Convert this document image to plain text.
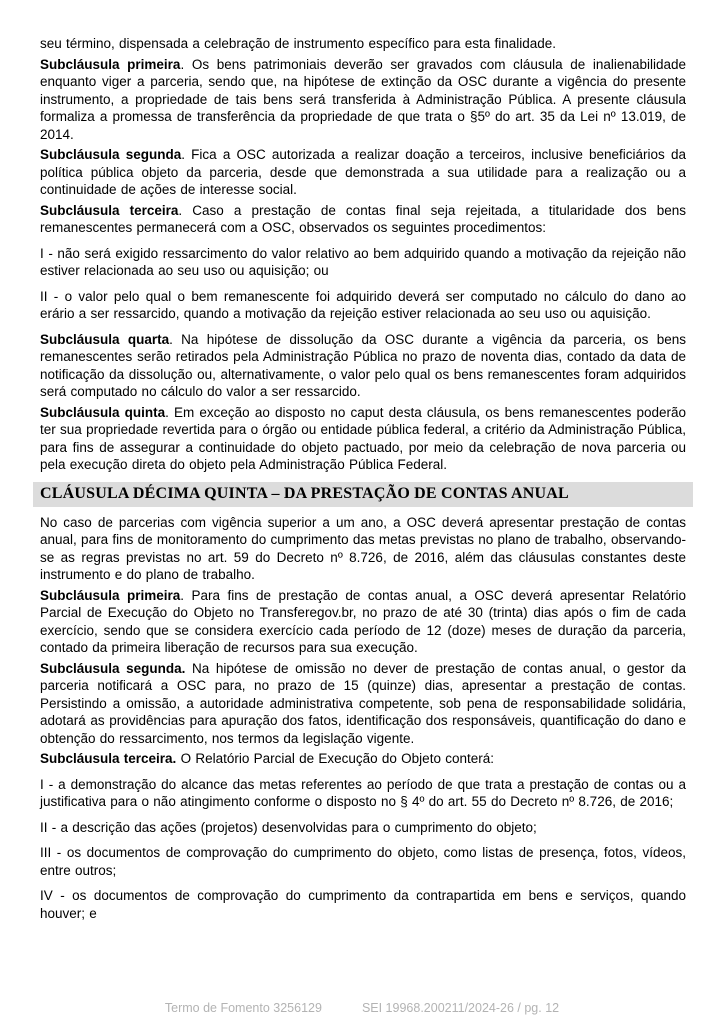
seu término, dispensada a celebração de instrumento específico para esta finalidade.

Subcláusula primeira. Os bens patrimoniais deverão ser gravados com cláusula de inalienabilidade enquanto viger a parceria, sendo que, na hipótese de extinção da OSC durante a vigência do presente instrumento, a propriedade de tais bens será transferida à Administração Pública. A presente cláusula formaliza a promessa de transferência da propriedade de que trata o §5º do art. 35 da Lei nº 13.019, de 2014.

Subcláusula segunda. Fica a OSC autorizada a realizar doação a terceiros, inclusive beneficiários da política pública objeto da parceria, desde que demonstrada a sua utilidade para a realização ou a continuidade de ações de interesse social.

Subcláusula terceira. Caso a prestação de contas final seja rejeitada, a titularidade dos bens remanescentes permanecerá com a OSC, observados os seguintes procedimentos:

I - não será exigido ressarcimento do valor relativo ao bem adquirido quando a motivação da rejeição não estiver relacionada ao seu uso ou aquisição; ou

II - o valor pelo qual o bem remanescente foi adquirido deverá ser computado no cálculo do dano ao erário a ser ressarcido, quando a motivação da rejeição estiver relacionada ao seu uso ou aquisição.

Subcláusula quarta. Na hipótese de dissolução da OSC durante a vigência da parceria, os bens remanescentes serão retirados pela Administração Pública no prazo de noventa dias, contado da data de notificação da dissolução ou, alternativamente, o valor pelo qual os bens remanescentes foram adquiridos será computado no cálculo do valor a ser ressarcido.

Subcláusula quinta. Em exceção ao disposto no caput desta cláusula, os bens remanescentes poderão ter sua propriedade revertida para o órgão ou entidade pública federal, a critério da Administração Pública, para fins de assegurar a continuidade do objeto pactuado, por meio da celebração de nova parceria ou pela execução direta do objeto pela Administração Pública Federal.

CLÁUSULA DÉCIMA QUINTA – DA PRESTAÇÃO DE CONTAS ANUAL

No caso de parcerias com vigência superior a um ano, a OSC deverá apresentar prestação de contas anual, para fins de monitoramento do cumprimento das metas previstas no plano de trabalho, observando-se as regras previstas no art. 59 do Decreto nº 8.726, de 2016, além das cláusulas constantes deste instrumento e do plano de trabalho.

Subcláusula primeira. Para fins de prestação de contas anual, a OSC deverá apresentar Relatório Parcial de Execução do Objeto no Transferegov.br, no prazo de até 30 (trinta) dias após o fim de cada exercício, sendo que se considera exercício cada período de 12 (doze) meses de duração da parceria, contado da primeira liberação de recursos para sua execução.

Subcláusula segunda. Na hipótese de omissão no dever de prestação de contas anual, o gestor da parceria notificará a OSC para, no prazo de 15 (quinze) dias, apresentar a prestação de contas. Persistindo a omissão, a autoridade administrativa competente, sob pena de responsabilidade solidária, adotará as providências para apuração dos fatos, identificação dos responsáveis, quantificação do dano e obtenção do ressarcimento, nos termos da legislação vigente.

Subcláusula terceira. O Relatório Parcial de Execução do Objeto conterá:

I - a demonstração do alcance das metas referentes ao período de que trata a prestação de contas ou a justificativa para o não atingimento conforme o disposto no § 4º do art. 55 do Decreto nº 8.726, de 2016;

II - a descrição das ações (projetos) desenvolvidas para o cumprimento do objeto;

III - os documentos de comprovação do cumprimento do objeto, como listas de presença, fotos, vídeos, entre outros;

IV - os documentos de comprovação do cumprimento da contrapartida em bens e serviços, quando houver; e

Termo de Fomento 3256129	SEI 19968.200211/2024-26 / pg. 12
